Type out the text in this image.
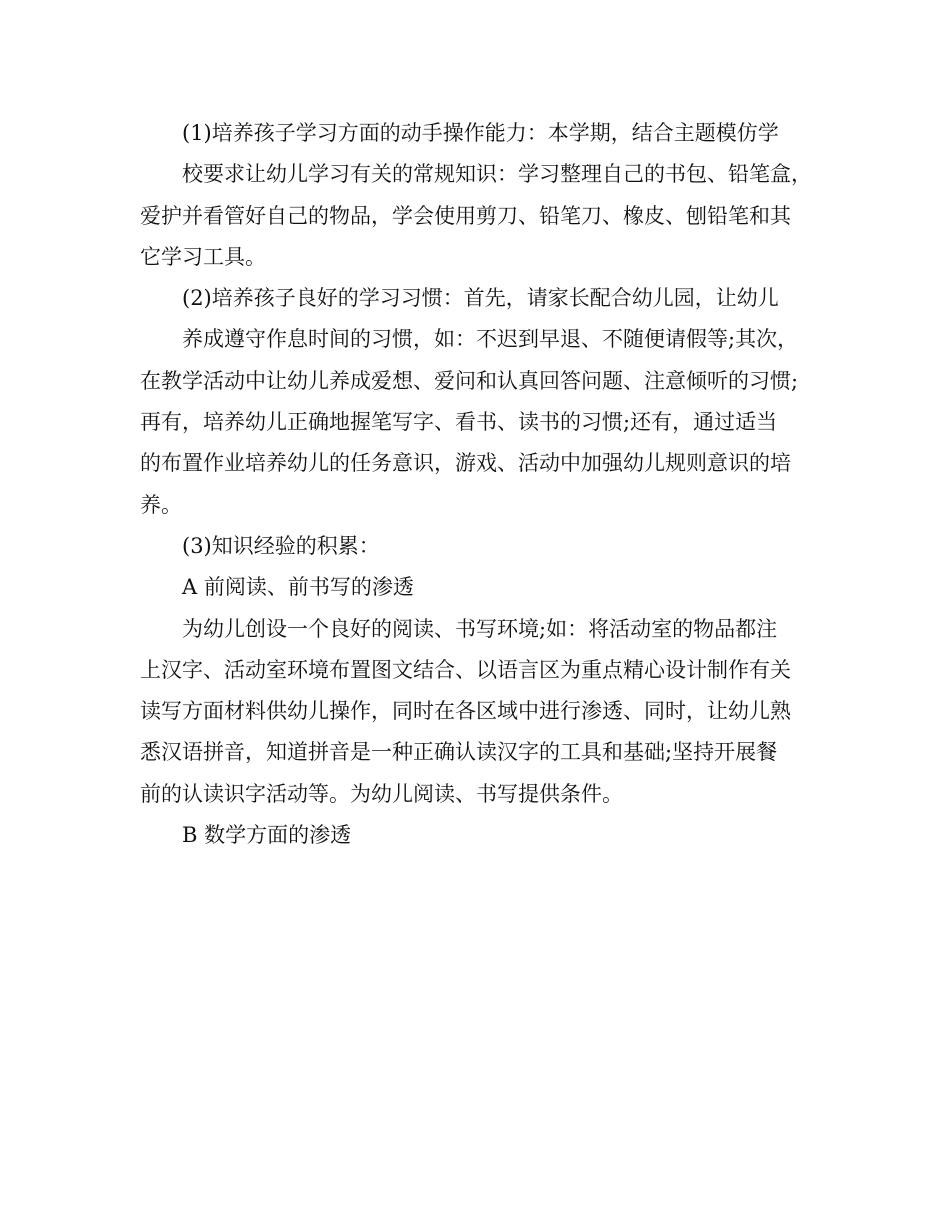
(1)培养孩子学习方面的动手操作能力：本学期，结合主题模仿学
校要求让幼儿学习有关的常规知识：学习整理自己的书包、铅笔盒，
爱护并看管好自己的物品，学会使用剪刀、铅笔刀、橡皮、刨铅笔和其
它学习工具。
(2)培养孩子良好的学习习惯：首先，请家长配合幼儿园，让幼儿
养成遵守作息时间的习惯，如：不迟到早退、不随便请假等;其次，
在教学活动中让幼儿养成爱想、爱问和认真回答问题、注意倾听的习惯;
再有，培养幼儿正确地握笔写字、看书、读书的习惯;还有，通过适当
的布置作业培养幼儿的任务意识，游戏、活动中加强幼儿规则意识的培
养。
(3)知识经验的积累：
A 前阅读、前书写的渗透
为幼儿创设一个良好的阅读、书写环境;如：将活动室的物品都注
上汉字、活动室环境布置图文结合、以语言区为重点精心设计制作有关
读写方面材料供幼儿操作，同时在各区域中进行渗透、同时，让幼儿熟
悉汉语拼音，知道拼音是一种正确认读汉字的工具和基础;坚持开展餐
前的认读识字活动等。为幼儿阅读、书写提供条件。
B 数学方面的渗透
